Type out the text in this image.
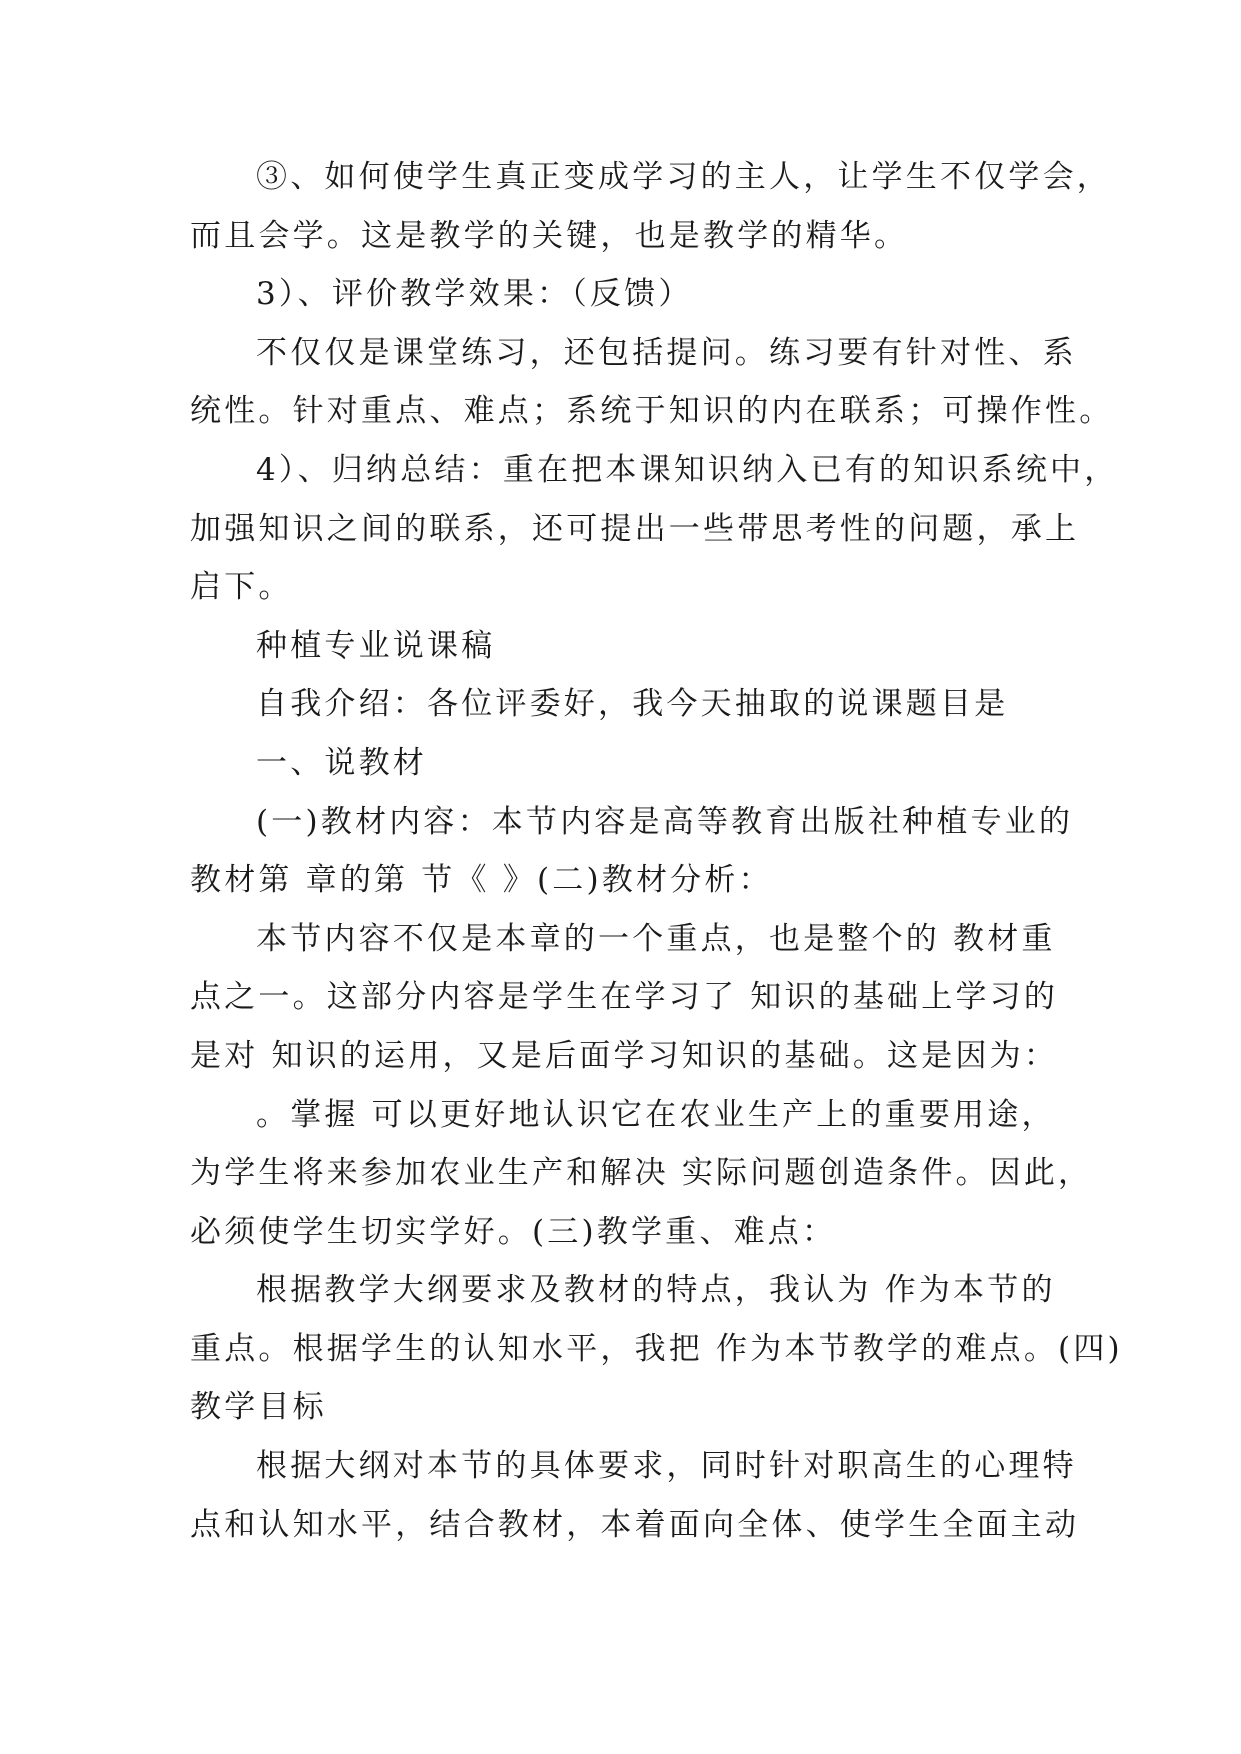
③、如何使学生真正变成学习的主人，让学生不仅学会，
而且会学。这是教学的关键，也是教学的精华。

3）、评价教学效果：（反馈）

不仅仅是课堂练习，还包括提问。练习要有针对性、系
统性。针对重点、难点；系统于知识的内在联系；可操作性。

4）、归纳总结：重在把本课知识纳入已有的知识系统中，
加强知识之间的联系，还可提出一些带思考性的问题，承上
启下。

种植专业说课稿

自我介绍：各位评委好，我今天抽取的说课题目是

一、说教材

(一)教材内容：本节内容是高等教育出版社种植专业的
教材第 章的第 节《 》(二)教材分析：

本节内容不仅是本章的一个重点，也是整个的 教材重
点之一。这部分内容是学生在学习了 知识的基础上学习的
是对 知识的运用，又是后面学习知识的基础。这是因为：

。掌握 可以更好地认识它在农业生产上的重要用途，
为学生将来参加农业生产和解决 实际问题创造条件。因此，
必须使学生切实学好。(三)教学重、难点：

根据教学大纲要求及教材的特点，我认为 作为本节的
重点。根据学生的认知水平，我把 作为本节教学的难点。(四)
教学目标

根据大纲对本节的具体要求，同时针对职高生的心理特
点和认知水平，结合教材，本着面向全体、使学生全面主动
